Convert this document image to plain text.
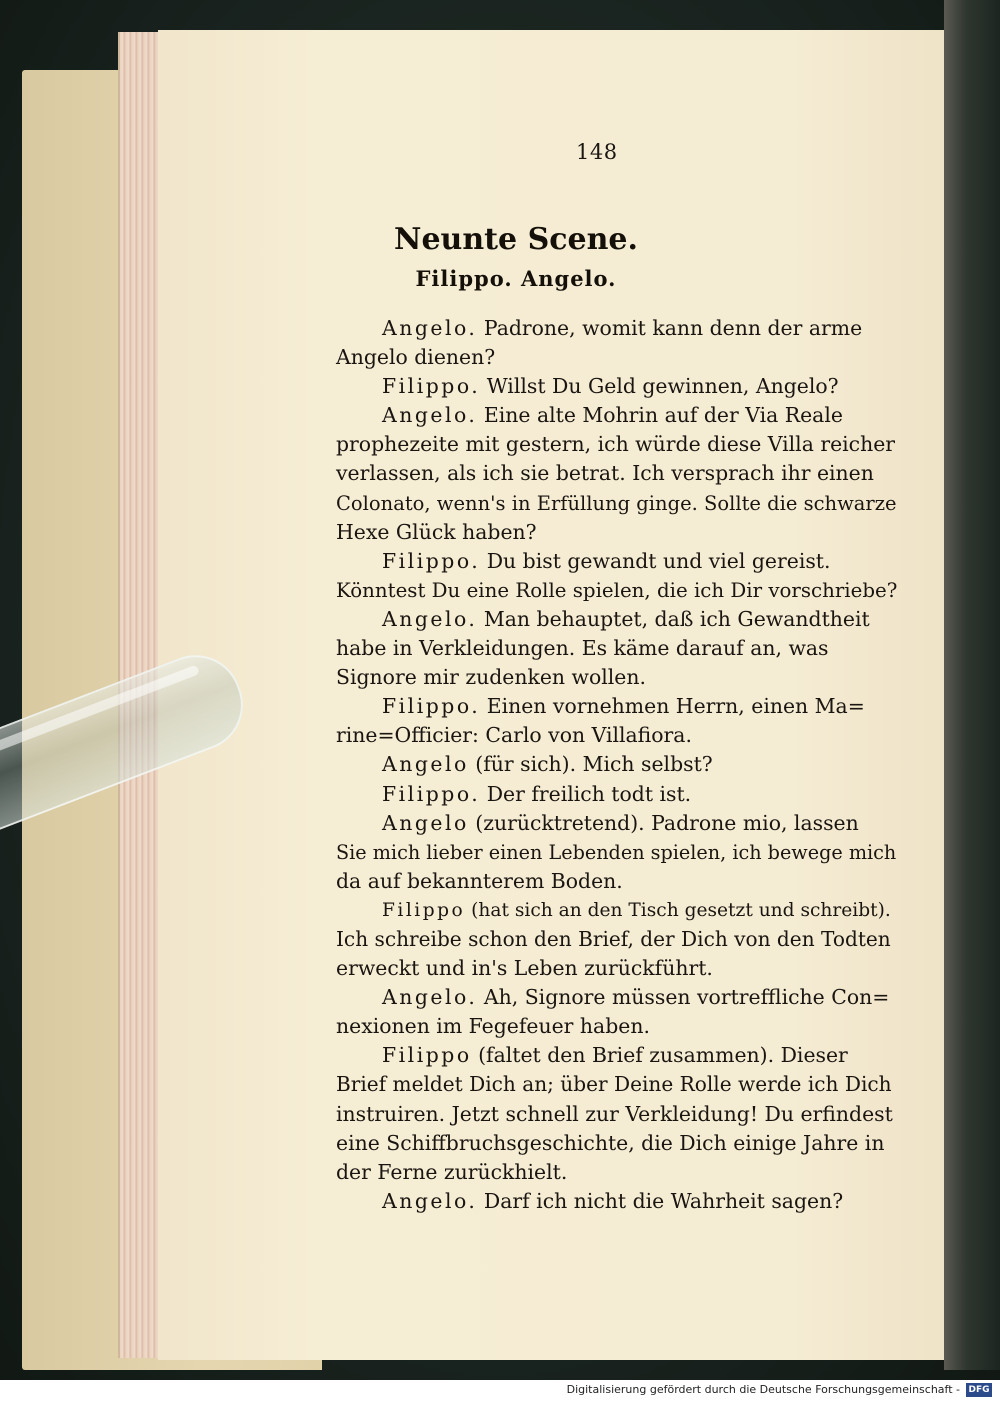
148
Neunte Scene.
Filippo. Angelo.
Angelo. Padrone, womit kann denn der arme
Angelo dienen?
Filippo. Willst Du Geld gewinnen, Angelo?
Angelo. Eine alte Mohrin auf der Via Reale
prophezeite mit gestern, ich würde diese Villa reicher
verlassen, als ich sie betrat. Ich versprach ihr einen
Colonato, wenn's in Erfüllung ginge. Sollte die schwarze
Hexe Glück haben?
Filippo. Du bist gewandt und viel gereist.
Könntest Du eine Rolle spielen, die ich Dir vorschriebe?
Angelo. Man behauptet, daß ich Gewandtheit
habe in Verkleidungen. Es käme darauf an, was
Signore mir zudenken wollen.
Filippo. Einen vornehmen Herrn, einen Ma=
rine=Officier: Carlo von Villafiora.
Angelo (für sich). Mich selbst?
Filippo. Der freilich todt ist.
Angelo (zurücktretend). Padrone mio, lassen
Sie mich lieber einen Lebenden spielen, ich bewege mich
da auf bekannterem Boden.
Filippo (hat sich an den Tisch gesetzt und schreibt).
Ich schreibe schon den Brief, der Dich von den Todten
erweckt und in's Leben zurückführt.
Angelo. Ah, Signore müssen vortreffliche Con=
nexionen im Fegefeuer haben.
Filippo (faltet den Brief zusammen). Dieser
Brief meldet Dich an; über Deine Rolle werde ich Dich
instruiren. Jetzt schnell zur Verkleidung! Du erfindest
eine Schiffbruchsgeschichte, die Dich einige Jahre in
der Ferne zurückhielt.
Angelo. Darf ich nicht die Wahrheit sagen?
Digitalisierung gefördert durch die Deutsche Forschungsgemeinschaft - DFG
